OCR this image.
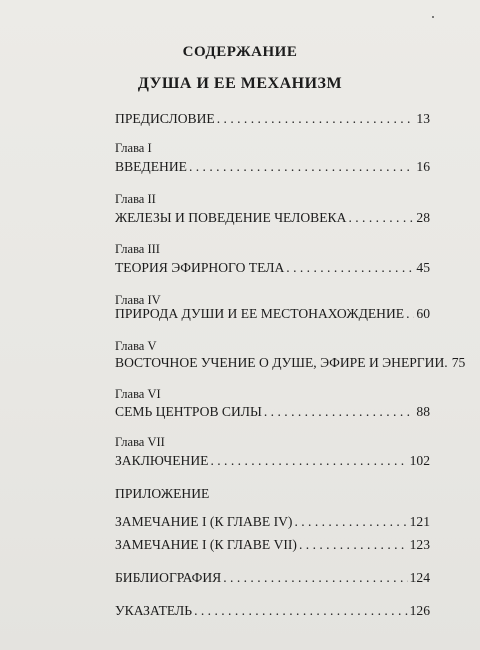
СОДЕРЖАНИЕ
ДУША И ЕЕ МЕХАНИЗМ
ПРЕДИСЛОВИЕ . . .	13
Глава I
ВВЕДЕНИЕ . . .	16
Глава II
ЖЕЛЕЗЫ И ПОВЕДЕНИЕ ЧЕЛОВЕКА . . .	28
Глава III
ТЕОРИЯ ЭФИРНОГО ТЕЛА . . .	45
Глава IV
ПРИРОДА ДУШИ И ЕЕ МЕСТОНАХОЖДЕНИЕ . . . 60
Глава V
ВОСТОЧНОЕ УЧЕНИЕ О ДУШЕ, ЭФИРЕ И ЭНЕРГИИ. 75
Глава VI
СЕМЬ ЦЕНТРОВ СИЛЫ . . .	88
Глава VII
ЗАКЛЮЧЕНИЕ . . .	102
ПРИЛОЖЕНИЕ
ЗАМЕЧАНИЕ I (К ГЛАВЕ IV) . . .	121
ЗАМЕЧАНИЕ I (К ГЛАВЕ VII) . . .	123
БИБЛИОГРАФИЯ . . .	124
УКАЗАТЕЛЬ . . .	126
